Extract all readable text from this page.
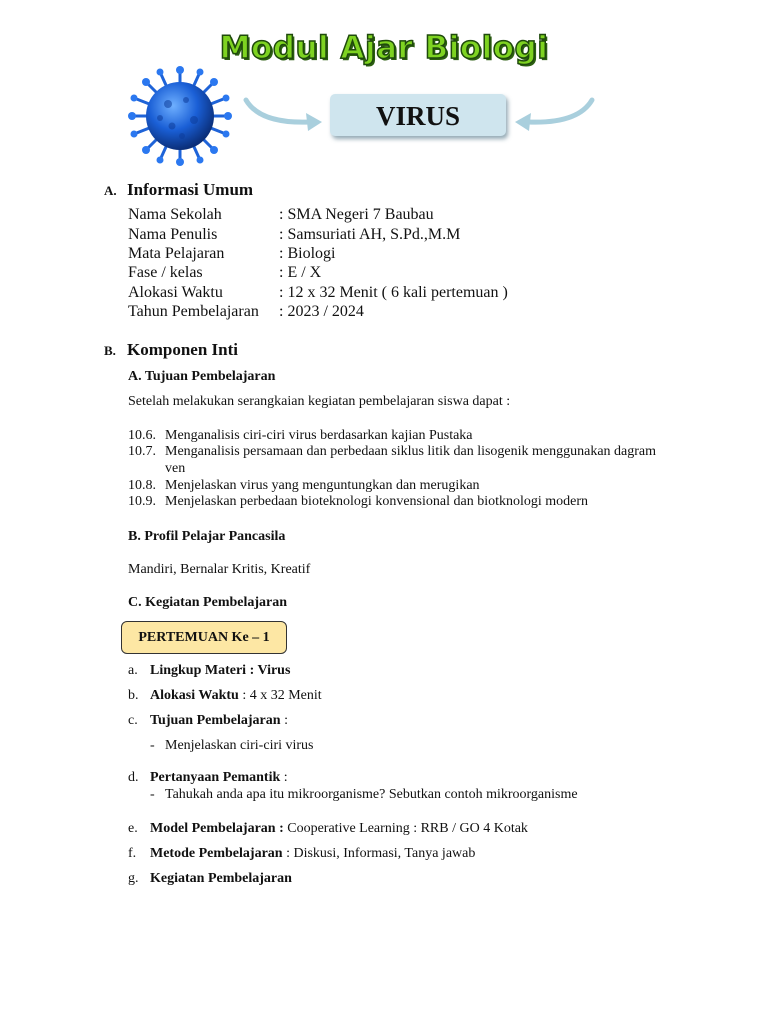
Modul Ajar Biologi
VIRUS
A. Informasi Umum
Nama Sekolah	: SMA Negeri 7 Baubau
Nama Penulis	: Samsuriati AH, S.Pd.,M.M
Mata Pelajaran	: Biologi
Fase / kelas	: E / X
Alokasi Waktu	: 12 x 32 Menit ( 6 kali pertemuan )
Tahun Pembelajaran : 2023 / 2024
B. Komponen Inti
A. Tujuan Pembelajaran
Setelah melakukan serangkaian kegiatan pembelajaran siswa dapat :
10.6. Menganalisis ciri-ciri virus berdasarkan kajian Pustaka
10.7. Menganalisis persamaan dan perbedaan siklus litik dan lisogenik menggunakan dagram
ven
10.8. Menjelaskan virus yang menguntungkan dan merugikan
10.9. Menjelaskan perbedaan bioteknologi konvensional dan biotknologi modern
B. Profil Pelajar Pancasila
Mandiri, Bernalar Kritis, Kreatif
C. Kegiatan Pembelajaran
PERTEMUAN Ke – 1
a. Lingkup Materi : Virus
b. Alokasi Waktu : 4 x 32 Menit
c. Tujuan Pembelajaran :
- Menjelaskan ciri-ciri virus
d. Pertanyaan Pemantik :
- Tahukah anda apa itu mikroorganisme? Sebutkan contoh mikroorganisme
e. Model Pembelajaran : Cooperative Learning : RRB / GO 4 Kotak
f. Metode Pembelajaran : Diskusi, Informasi, Tanya jawab
g. Kegiatan Pembelajaran
